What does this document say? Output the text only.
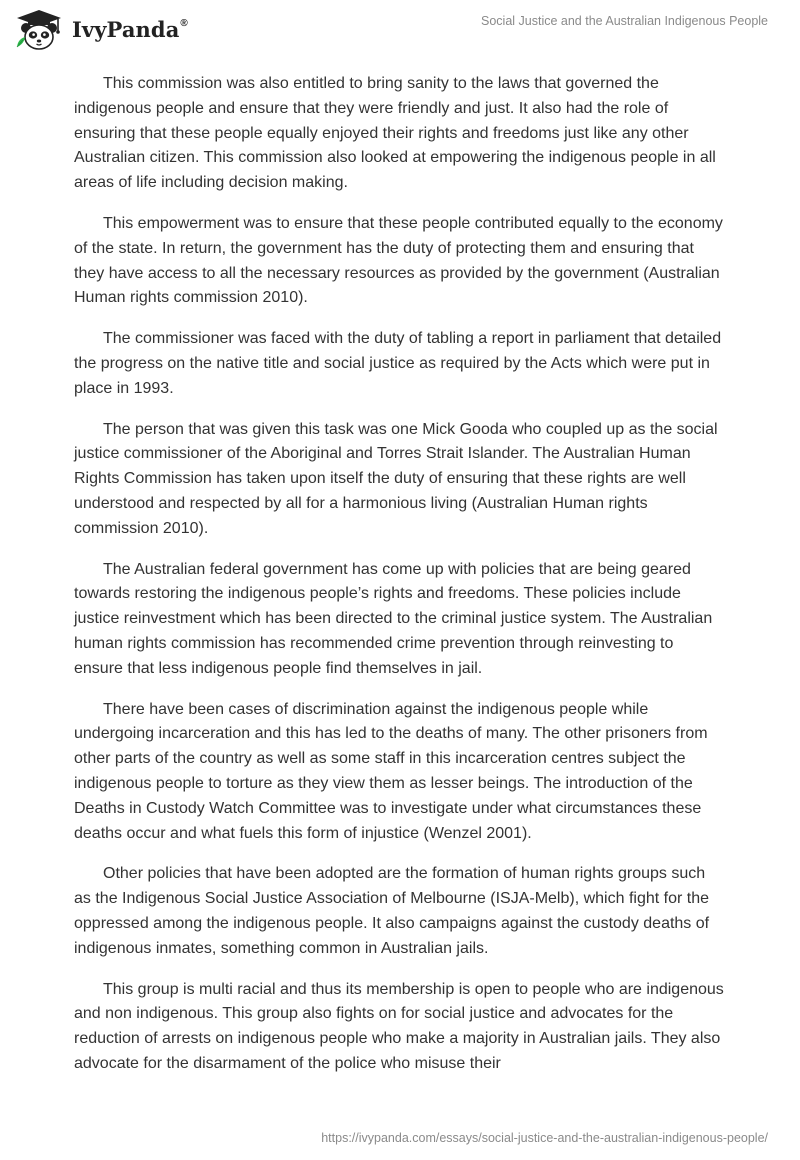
IvyPanda®	Social Justice and the Australian Indigenous People

This commission was also entitled to bring sanity to the laws that governed the indigenous people and ensure that they were friendly and just. It also had the role of ensuring that these people equally enjoyed their rights and freedoms just like any other Australian citizen. This commission also looked at empowering the indigenous people in all areas of life including decision making.

This empowerment was to ensure that these people contributed equally to the economy of the state. In return, the government has the duty of protecting them and ensuring that they have access to all the necessary resources as provided by the government (Australian Human rights commission 2010).

The commissioner was faced with the duty of tabling a report in parliament that detailed the progress on the native title and social justice as required by the Acts which were put in place in 1993.

The person that was given this task was one Mick Gooda who coupled up as the social justice commissioner of the Aboriginal and Torres Strait Islander. The Australian Human Rights Commission has taken upon itself the duty of ensuring that these rights are well understood and respected by all for a harmonious living (Australian Human rights commission 2010).

The Australian federal government has come up with policies that are being geared towards restoring the indigenous people’s rights and freedoms. These policies include justice reinvestment which has been directed to the criminal justice system. The Australian human rights commission has recommended crime prevention through reinvesting to ensure that less indigenous people find themselves in jail.

There have been cases of discrimination against the indigenous people while undergoing incarceration and this has led to the deaths of many. The other prisoners from other parts of the country as well as some staff in this incarceration centres subject the indigenous people to torture as they view them as lesser beings. The introduction of the Deaths in Custody Watch Committee was to investigate under what circumstances these deaths occur and what fuels this form of injustice (Wenzel 2001).

Other policies that have been adopted are the formation of human rights groups such as the Indigenous Social Justice Association of Melbourne (ISJA-Melb), which fight for the oppressed among the indigenous people. It also campaigns against the custody deaths of indigenous inmates, something common in Australian jails.

This group is multi racial and thus its membership is open to people who are indigenous and non indigenous. This group also fights on for social justice and advocates for the reduction of arrests on indigenous people who make a majority in Australian jails. They also advocate for the disarmament of the police who misuse their

https://ivypanda.com/essays/social-justice-and-the-australian-indigenous-people/
